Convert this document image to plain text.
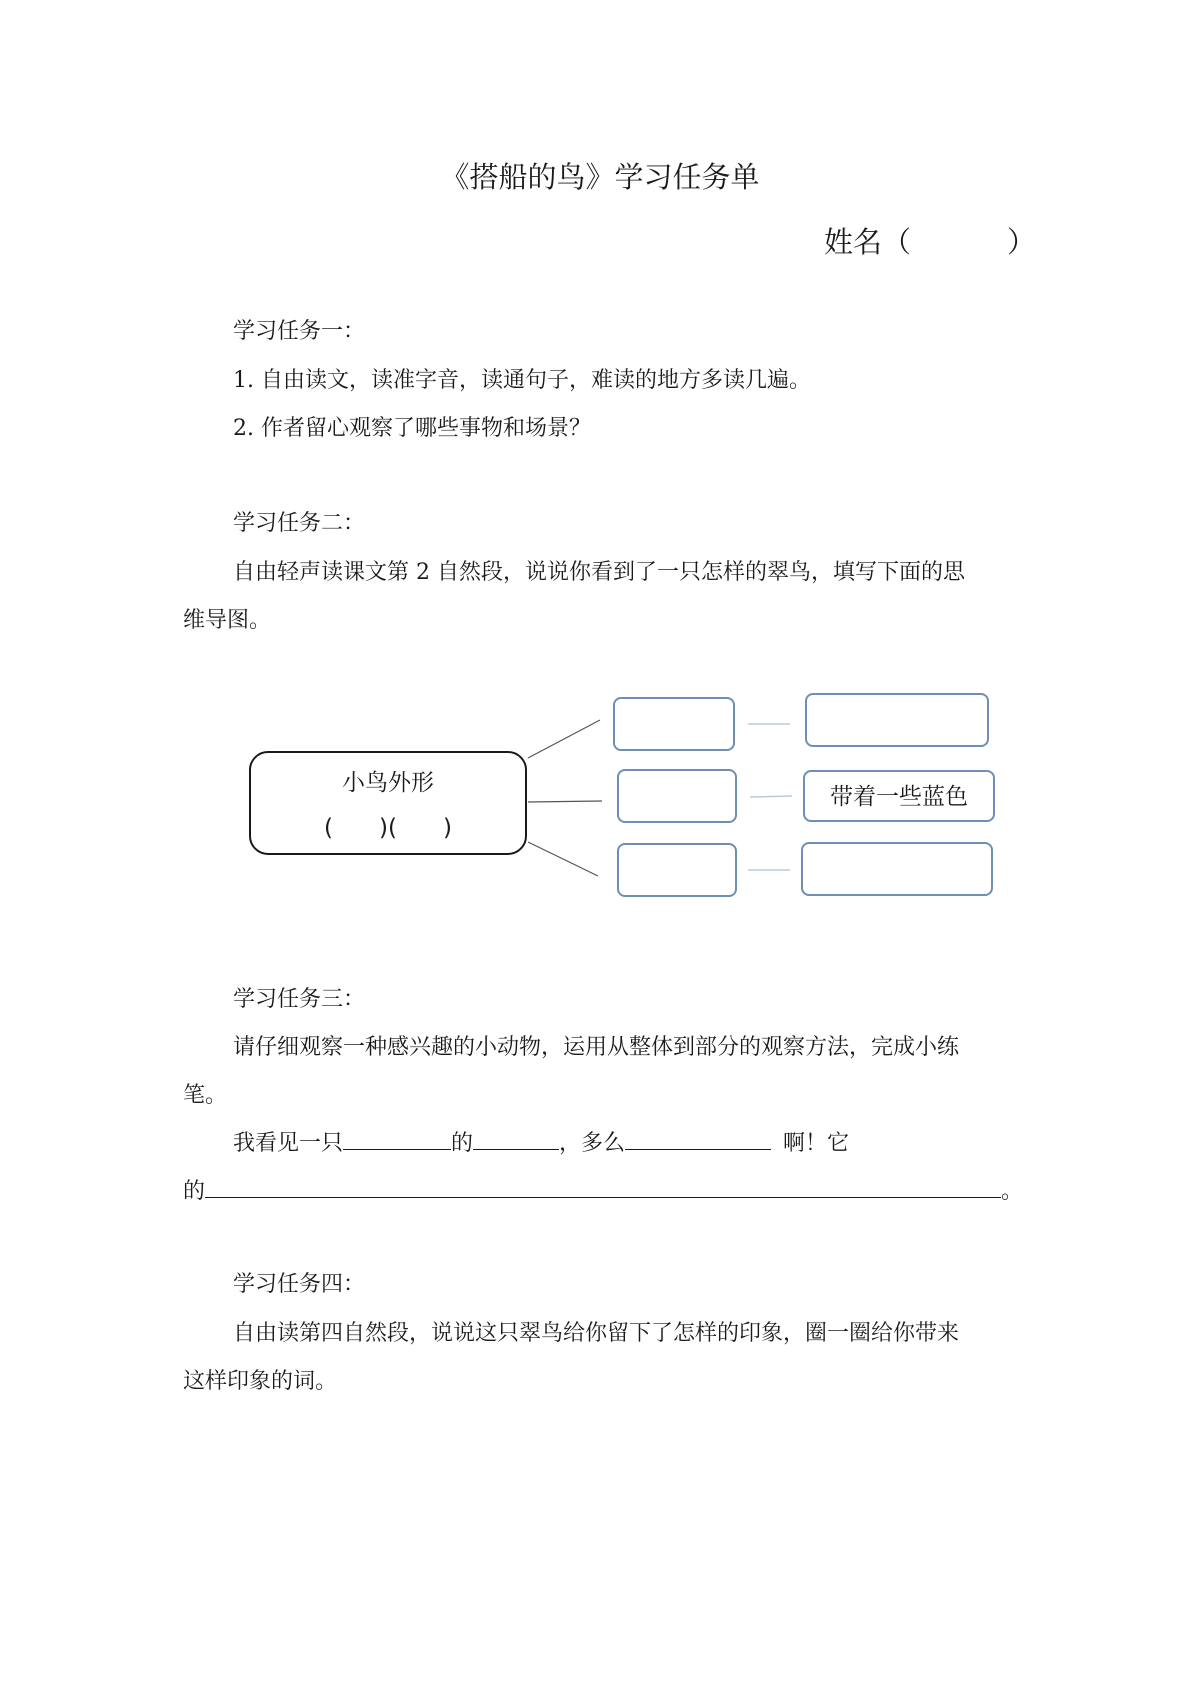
《搭船的鸟》学习任务单
姓名（	）
学习任务一：
1. 自由读文，读准字音，读通句子，难读的地方多读几遍。
2. 作者留心观察了哪些事物和场景？
学习任务二：
自由轻声读课文第 2 自然段，说说你看到了一只怎样的翠鸟，填写下面的思
维导图。
小鸟外形
(　　)(　　)
带着一些蓝色
学习任务三：
请仔细观察一种感兴趣的小动物，运用从整体到部分的观察方法，完成小练
笔。
我看见一只	的	，多么	啊！它
的	。
学习任务四：
自由读第四自然段，说说这只翠鸟给你留下了怎样的印象，圈一圈给你带来
这样印象的词。
